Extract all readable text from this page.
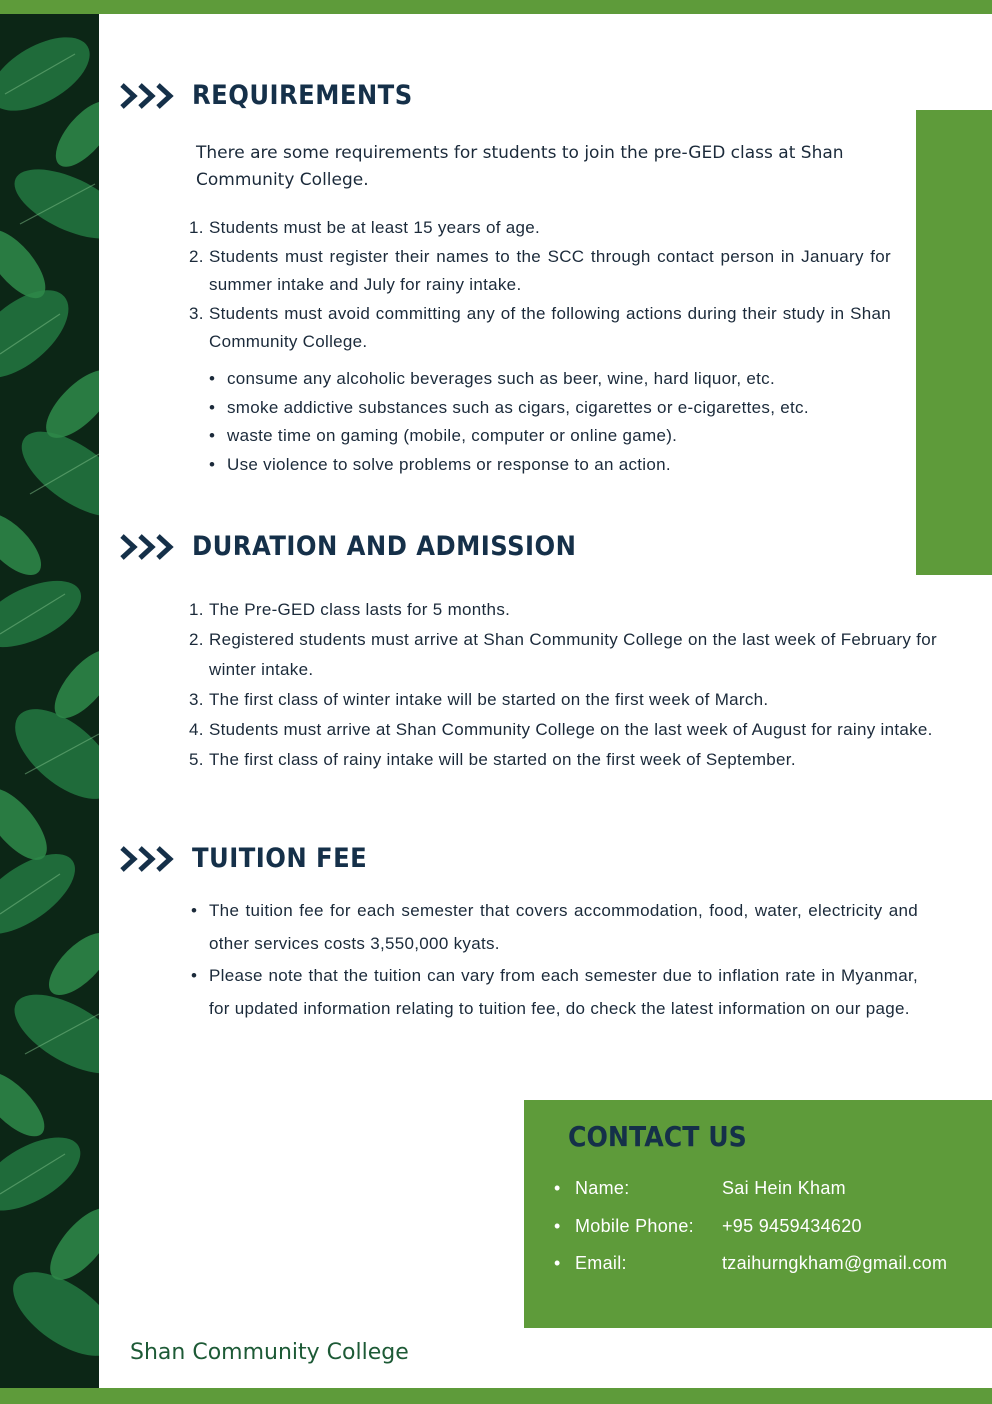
REQUIREMENTS
There are some requirements for students to join the pre-GED class at Shan Community College.
1. Students must be at least 15 years of age.
2. Students must register their names to the SCC through contact person in January for summer intake and July for rainy intake.
3. Students must avoid committing any of the following actions during their study in Shan Community College.
• consume any alcoholic beverages such as beer, wine, hard liquor, etc.
• smoke addictive substances such as cigars, cigarettes or e-cigarettes, etc.
• waste time on gaming (mobile, computer or online game).
• Use violence to solve problems or response to an action.
DURATION AND ADMISSION
1. The Pre-GED class lasts for 5 months.
2. Registered students must arrive at Shan Community College on the last week of February for winter intake.
3. The first class of winter intake will be started on the first week of March.
4. Students must arrive at Shan Community College on the last week of August for rainy intake.
5. The first class of rainy intake will be started on the first week of September.
TUITION FEE
• The tuition fee for each semester that covers accommodation, food, water, electricity and other services costs 3,550,000 kyats.
• Please note that the tuition can vary from each semester due to inflation rate in Myanmar, for updated information relating to tuition fee, do check the latest information on our page.
CONTACT US
• Name:	Sai Hein Kham
• Mobile Phone: +95 9459434620
• Email:	tzaihurngkham@gmail.com
Shan Community College
